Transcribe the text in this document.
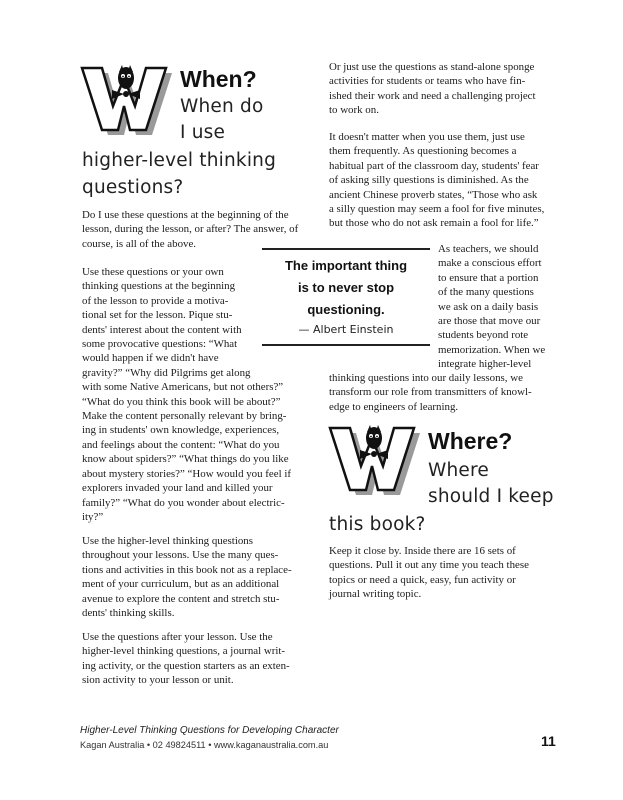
When?
When do
I use
higher-level thinking
questions?
Do I use these questions at the beginning of the
lesson, during the lesson, or after? The answer, of
course, is all of the above.
Use these questions or your own
thinking questions at the beginning
of the lesson to provide a motiva-
tional set for the lesson. Pique stu-
dents' interest about the content with
some provocative questions: “What
would happen if we didn't have
gravity?” “Why did Pilgrims get along
with some Native Americans, but not others?”
“What do you think this book will be about?”
Make the content personally relevant by bring-
ing in students' own knowledge, experiences,
and feelings about the content: “What do you
know about spiders?” “What things do you like
about mystery stories?” “How would you feel if
explorers invaded your land and killed your
family?” “What do you wonder about electric-
ity?”
Use the higher-level thinking questions
throughout your lessons. Use the many ques-
tions and activities in this book not as a replace-
ment of your curriculum, but as an additional
avenue to explore the content and stretch stu-
dents' thinking skills.
Use the questions after your lesson. Use the
higher-level thinking questions, a journal writ-
ing activity, or the question starters as an exten-
sion activity to your lesson or unit.
Or just use the questions as stand-alone sponge
activities for students or teams who have fin-
ished their work and need a challenging project
to work on.
It doesn't matter when you use them, just use
them frequently. As questioning becomes a
habitual part of the classroom day, students' fear
of asking silly questions is diminished. As the
ancient Chinese proverb states, “Those who ask
a silly question may seem a fool for five minutes,
but those who do not ask remain a fool for life.”
As teachers, we should
make a conscious effort
to ensure that a portion
of the many questions
we ask on a daily basis
are those that move our
students beyond rote
memorization. When we
integrate higher-level
thinking questions into our daily lessons, we
transform our role from transmitters of knowl-
edge to engineers of learning.
The important thing
is to never stop
questioning.
— Albert Einstein
Where?
Where
should I keep
this book?
Keep it close by. Inside there are 16 sets of
questions. Pull it out any time you teach these
topics or need a quick, easy, fun activity or
journal writing topic.
Higher-Level Thinking Questions for Developing Character
Kagan Australia • 02 49824511 • www.kaganaustralia.com.au	11
